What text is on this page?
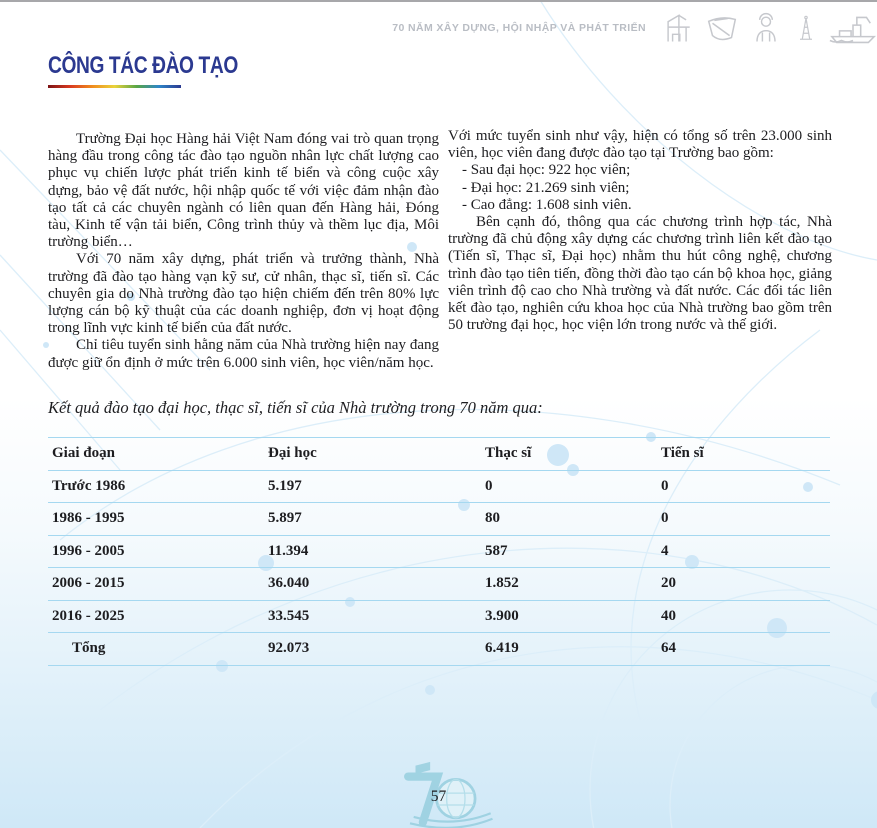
70 NĂM XÂY DỰNG, HỘI NHẬP VÀ PHÁT TRIỂN
CÔNG TÁC ĐÀO TẠO

Trường Đại học Hàng hải Việt Nam đóng vai trò quan trọng hàng đầu trong công tác đào tạo nguồn nhân lực chất lượng cao phục vụ chiến lược phát triển kinh tế biển và công cuộc xây dựng, bảo vệ đất nước, hội nhập quốc tế với việc đảm nhận đào tạo tất cả các chuyên ngành có liên quan đến Hàng hải, Đóng tàu, Kinh tế vận tải biển, Công trình thủy và thềm lục địa, Môi trường biển…

Với 70 năm xây dựng, phát triển và trưởng thành, Nhà trường đã đào tạo hàng vạn kỹ sư, cử nhân, thạc sĩ, tiến sĩ. Các chuyên gia do Nhà trường đào tạo hiện chiếm đến trên 80% lực lượng cán bộ kỹ thuật của các doanh nghiệp, đơn vị hoạt động trong lĩnh vực kinh tế biển của đất nước.

Chỉ tiêu tuyển sinh hằng năm của Nhà trường hiện nay đang được giữ ổn định ở mức trên 6.000 sinh viên, học viên/năm học.

Với mức tuyển sinh như vậy, hiện có tổng số trên 23.000 sinh viên, học viên đang được đào tạo tại Trường bao gồm:

- Sau đại học: 922 học viên;

- Đại học: 21.269 sinh viên;

- Cao đẳng: 1.608 sinh viên.

Bên cạnh đó, thông qua các chương trình hợp tác, Nhà trường đã chủ động xây dựng các chương trình liên kết đào tạo (Tiến sĩ, Thạc sĩ, Đại học) nhằm thu hút công nghệ, chương trình đào tạo tiên tiến, đồng thời đào tạo cán bộ khoa học, giảng viên trình độ cao cho Nhà trường và đất nước. Các đối tác liên kết đào tạo, nghiên cứu khoa học của Nhà trường bao gồm trên 50 trường đại học, học viện lớn trong nước và thế giới.

Kết quả đào tạo đại học, thạc sĩ, tiến sĩ của Nhà trường trong 70 năm qua:
Giai đoạn	Đại học	Thạc sĩ	Tiến sĩ
Trước 1986	5.197	0	0
1986 - 1995	5.897	80	0
1996 - 2005	11.394	587	4
2006 - 2015	36.040	1.852	20
2016 - 2025	33.545	3.900	40
Tổng	92.073	6.419	64
57
